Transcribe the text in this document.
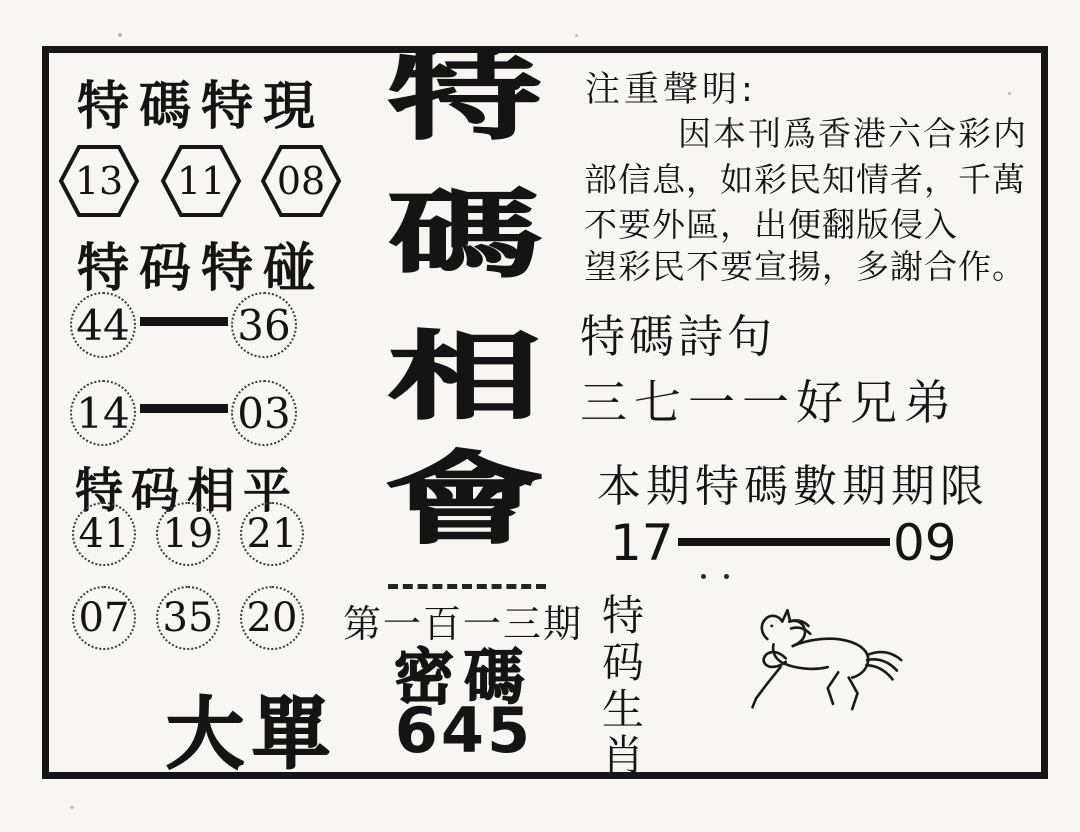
特碼特現
13	11	08
特码特碰
44	36
14	03
特码相平
41 19 21
07 35 20
大單
特
碼
相
會
第一百一三期
密碼
645
注重聲明:
因本刊爲香港六合彩内
部信息，如彩民知情者，千萬
不要外區，出便翻版侵入
望彩民不要宣揚，多謝合作。
特碼詩句
三七一一好兄弟
本期特碼數期期限
17	09
特
码
生
肖
